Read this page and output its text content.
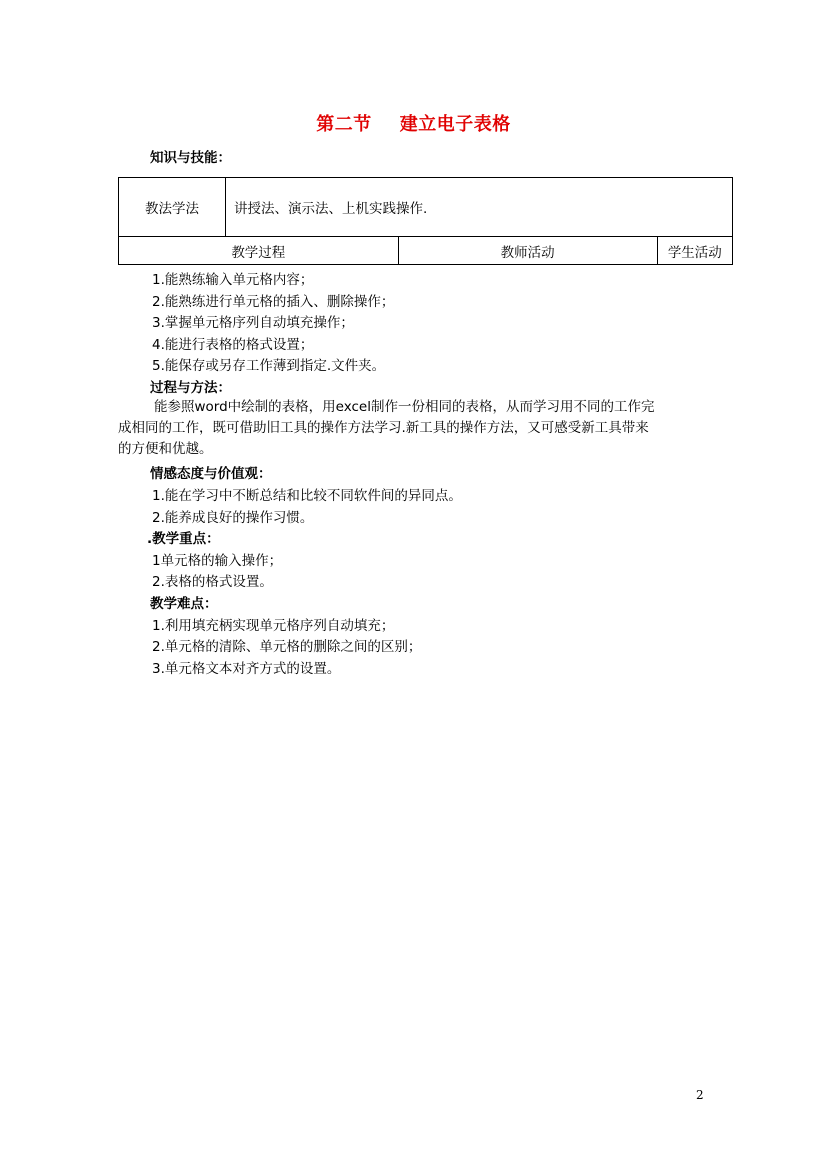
第二节 建立电子表格
知识与技能：
教法学法	讲授法、演示法、上机实践操作.		
教学过程		教师活动	学生活动
1.能熟练输入单元格内容；
2.能熟练进行单元格的插入、删除操作；
3.掌握单元格序列自动填充操作；
4.能进行表格的格式设置；
5.能保存或另存工作薄到指定.文件夹。
过程与方法：
能参照word中绘制的表格，用excel制作一份相同的表格，从而学习用不同的工作完
成相同的工作，既可借助旧工具的操作方法学习.新工具的操作方法，又可感受新工具带来
的方便和优越。
情感态度与价值观：
1.能在学习中不断总结和比较不同软件间的异同点。
2.能养成良好的操作习惯。
.教学重点：
1单元格的输入操作；
2.表格的格式设置。
教学难点：
1.利用填充柄实现单元格序列自动填充；
2.单元格的清除、单元格的删除之间的区别；
3.单元格文本对齐方式的设置。
2
